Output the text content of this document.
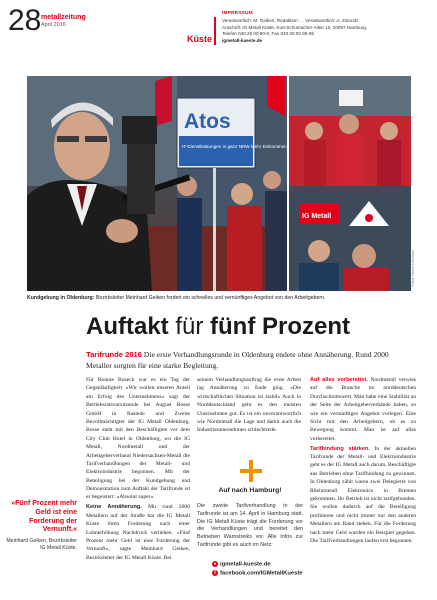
28 metallzeitung
April 2016
Küste
IMPRESSUM
Verantwortlich: M. Geiken, Redaktion: . . Verantwortlich: A. Zolondz
Anschrift: IG Metall Küste, Kurt-Schumacher-Allee 10, 20097 Hamburg,
Telefon 040 28 00 90-0, Fax 040 28 00 90-55
igmetall-kueste.de
Atos
IT-Dienstleistungen in ganz NRW Mehr Einkommen
IG Metall
Fotos: Heiner Lehmann
Kundgebung in Oldenburg: Bezirksleiter Meinhard Geiken fordert ein schnelles und vernünftiges Angebot von den Arbeitgebern.
Auftakt für fünf Prozent
Tarifrunde 2016 Die erste Verhandlungsrunde in Oldenburg endete ohne Annäherung. Rund 2000 Metaller sorgten für eine starke Begleitung.

Für Ronnie Boseck war es ein Tag der Gegenläufigkeit. »Wir wollen unseren Anteil am Erfolg des Unternehmens« sagt der Betriebsratsvorsitzende bei August Bosse GmbH in Rastede und Zweite Bevollmächtigter der IG Metall Oldenburg. Bosse steht mit den Beschäftigten vor dem City Club Hotel in Oldenburg, wo die IG Metall, Nordmetall und der Arbeitgeberverband Niedersachsen-Metall die Tarifverhandlungen der Metall- und Elektroindustrie begonnen. Mit der Beteiligung bei der Kundgebung und Demonstration zum Auftakt der Tarifrunde ist er begeistert: »Absolut super«.

Keine Annäherung. Mit rund 2000 Metallern auf der Straße hat die IG Metall Küste ihren Forderung nach einer Lohnerhöhung Nachdruck verliehen. »Fünf Prozent mehr Geld ist eine Forderung der Vernunft«, sagte Meinhard Geiken, Bezirksleiter der IG Metall Küste. Bei

seinem Verhandlungsauftrag die erste Arbeit lag Annäherung zu Ende ging. »Die wirtschaftlichen Situation ist stabil« Auch in Norddeutschland geht es den meisten Unternehmen gut. Es ist ein unverantwortlich wie Nordmetall die Lage und damit auch die Industrieunternehmen schlechtrede.

Auf alles vorbereitet. Nordmetall verwies auf die Branche im norddeutschen Durchschnittswert. Man habe eine Stabilität an der Seite der Arbeitgeberverbände haben, so wie ein vernünftiges Angebot vorlegen. Eine Sicht mit den Arbeitgebern, ob es zu Bewegung kommt. Man ist auf alles vorbereitet.

Tarifbindung stärken. In der aktuellen Tarifrunde der Metall- und Elektroindustrie geht es der IG Metall auch darum, Beschäftigte aus Betrieben ohne Tarifbindung zu gewinnen. In Oldenburg zählt waren zwei Delegierte von Rheinmetall Elektronics in Bremen gekommen. Ihr Betrieb ist nicht tarifgebunden. Sie wollen dadurch auf die Beteiligung profitieren und nicht immer nur den anderen Metallern am Rand stehen. Für die Forderung nach mehr Geld wurden ein Beispiel gegeben. Die Tarifverhandlungen laufen erst begonnen.

»Fünf Prozent mehr Geld ist eine Forderung der Vernunft.«
Meinhard Geiken, Bezirksleiter IG Metall Küste.
Auf nach Hamburg!
Die zweite Tarifverhandlung in der Tarifrunde ist am 14. April in Hamburg statt. Die IG Metall Küste trägt die Forderung vor die Verhandlungen und bereitet den Betrieben Warnstreiks vor. Alle Infos zur Tarifrunde gibt es auch im Netz:
● igmetall-kueste.de
f facebook.com/IGMetallKueste
